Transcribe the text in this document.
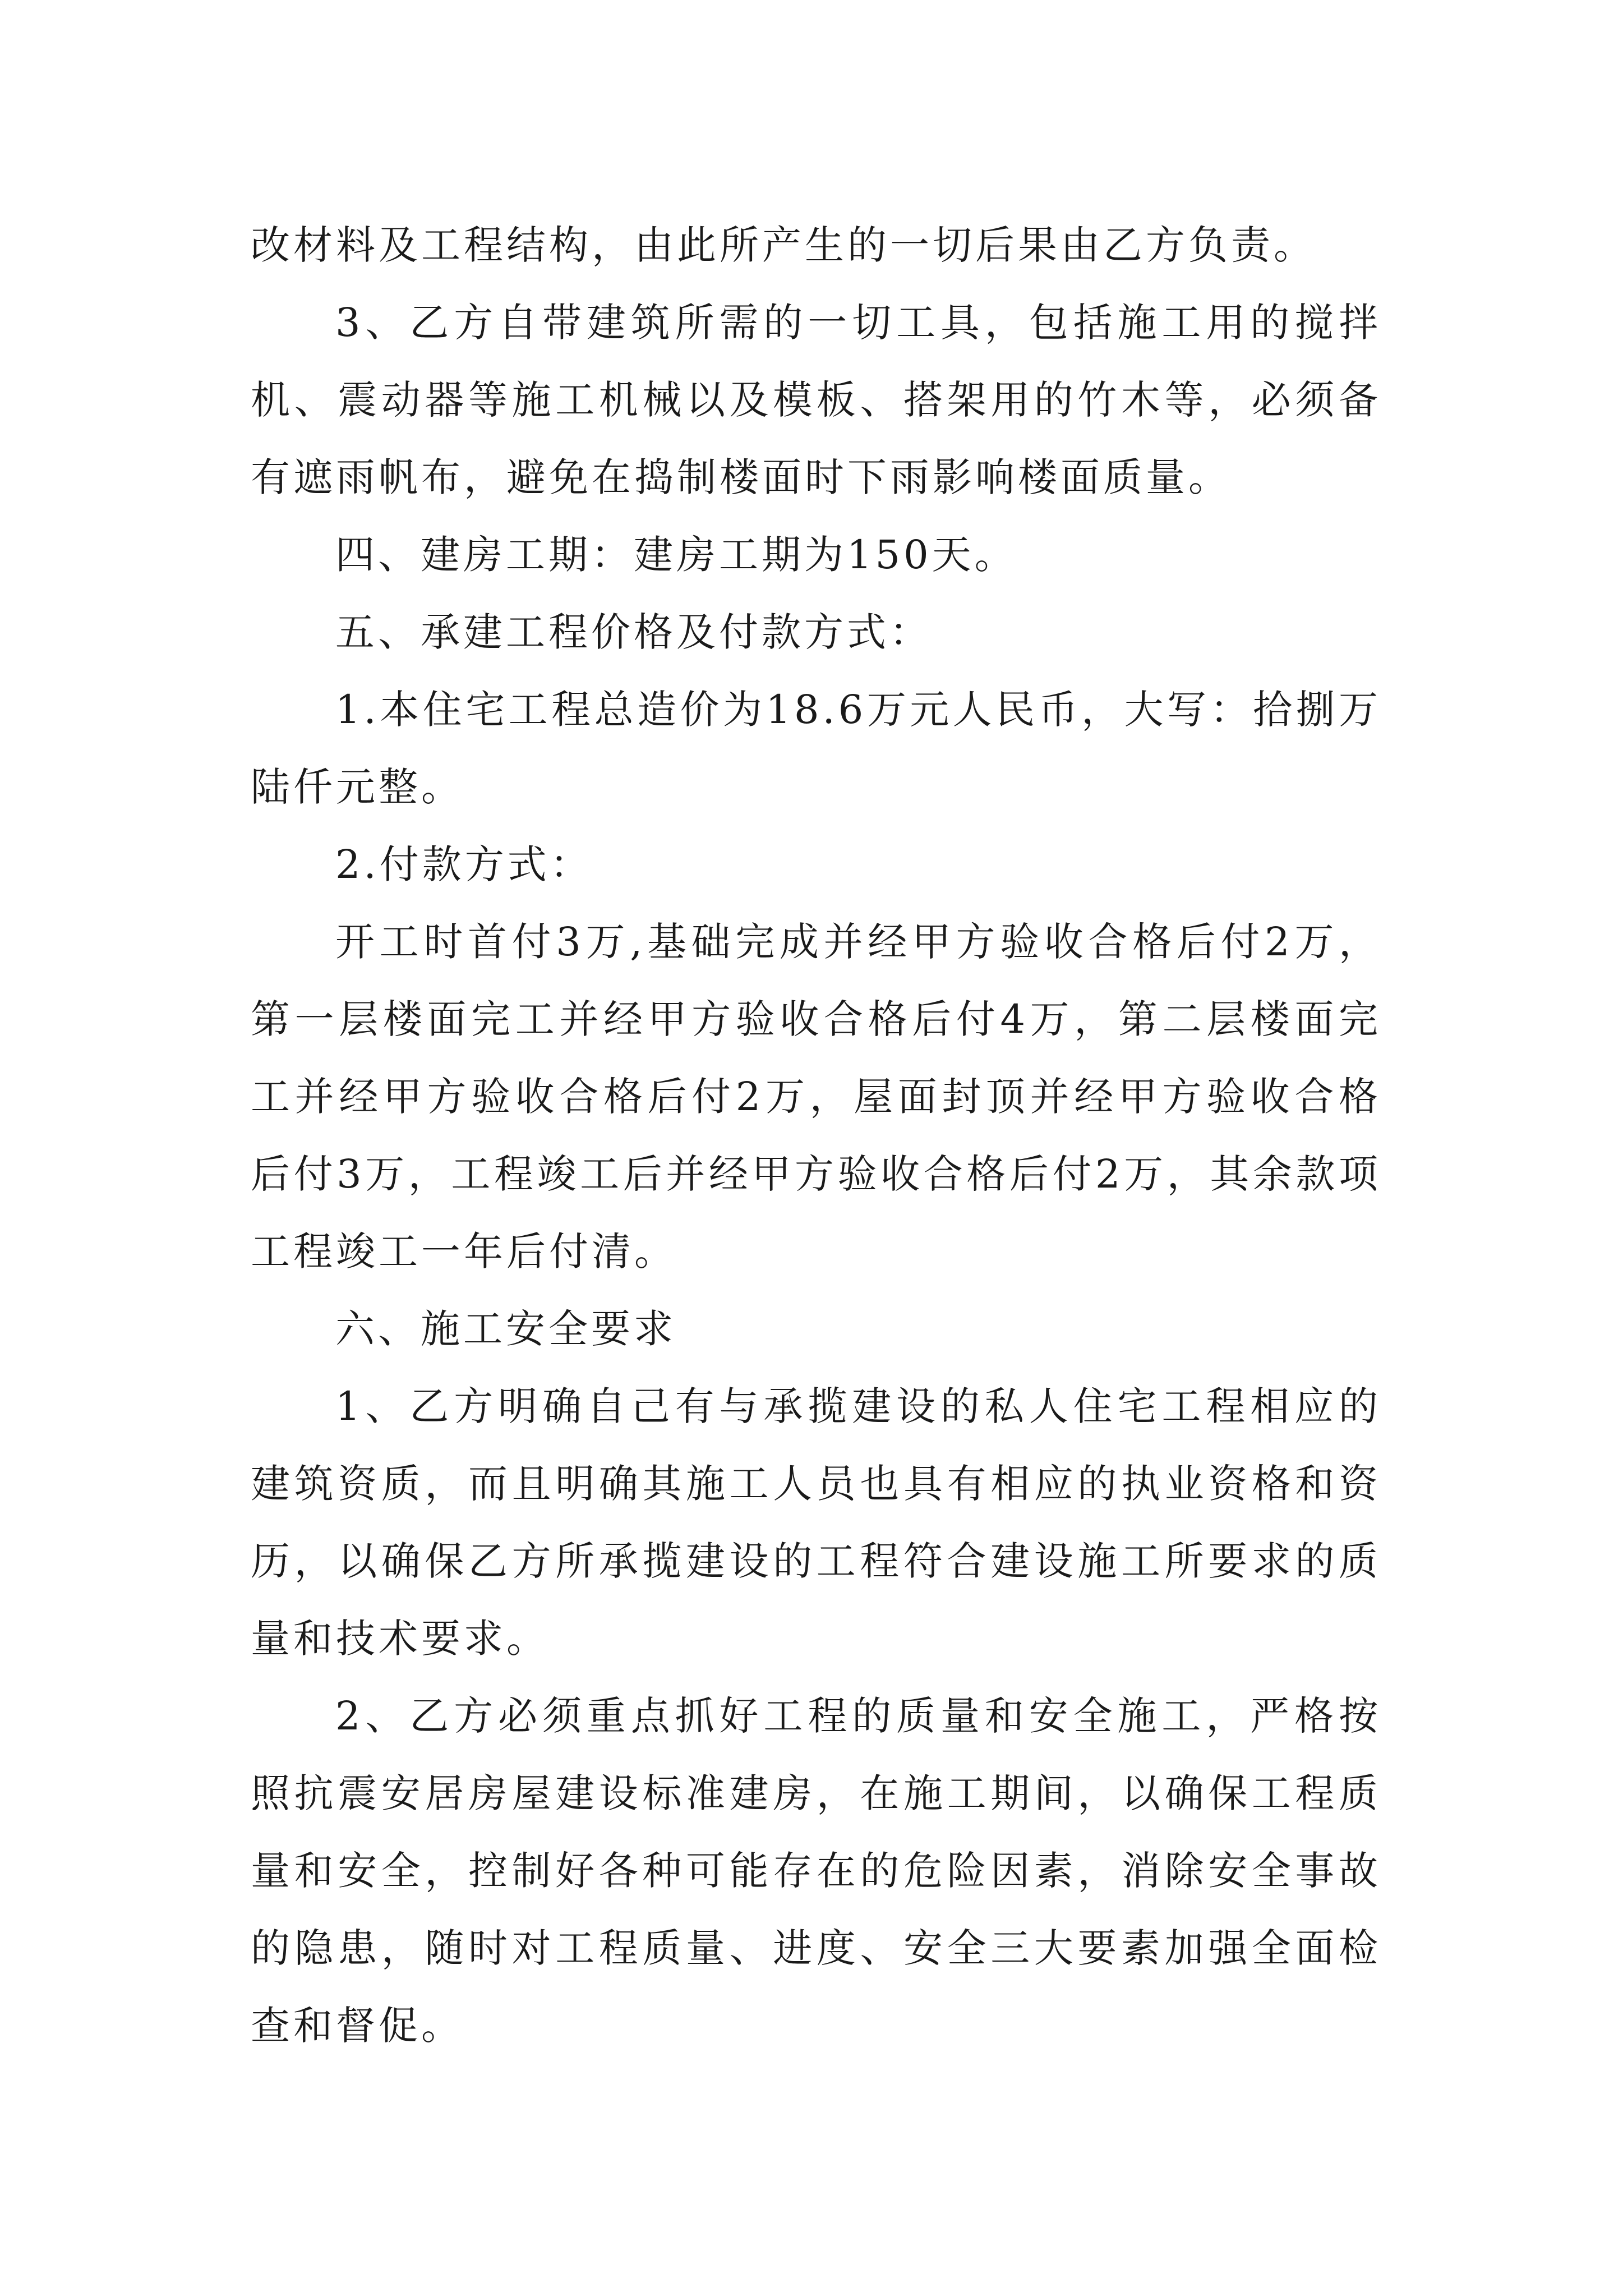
改材料及工程结构，由此所产生的一切后果由乙方负责。

3、乙方自带建筑所需的一切工具，包括施工用的搅拌机、震动器等施工机械以及模板、搭架用的竹木等，必须备有遮雨帆布，避免在捣制楼面时下雨影响楼面质量。

四、建房工期：建房工期为150天。

五、承建工程价格及付款方式：

1.本住宅工程总造价为18.6万元人民币，大写：拾捌万陆仟元整。

2.付款方式：

开工时首付3万,基础完成并经甲方验收合格后付2万，第一层楼面完工并经甲方验收合格后付4万，第二层楼面完工并经甲方验收合格后付2万，屋面封顶并经甲方验收合格后付3万，工程竣工后并经甲方验收合格后付2万，其余款项工程竣工一年后付清。

六、施工安全要求

1、乙方明确自己有与承揽建设的私人住宅工程相应的建筑资质，而且明确其施工人员也具有相应的执业资格和资历，以确保乙方所承揽建设的工程符合建设施工所要求的质量和技术要求。

2、乙方必须重点抓好工程的质量和安全施工，严格按照抗震安居房屋建设标准建房，在施工期间，以确保工程质量和安全，控制好各种可能存在的危险因素，消除安全事故的隐患，随时对工程质量、进度、安全三大要素加强全面检查和督促。
